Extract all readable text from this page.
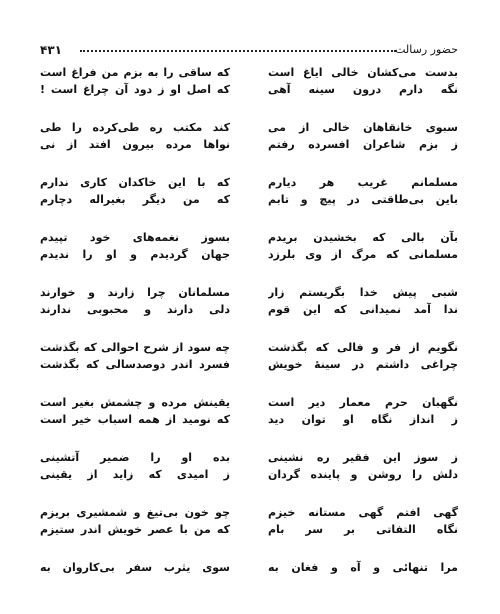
۴۳۱	حضور رسالت
بدست می‌کشان خالی ایاغ است
نگه دارم درون سینه آهی
که ساقی را به بزم من فراغ است
که اصل او ز دود آن چراغ است !
سبوی خانقاهان خالی از می
ز بزم شاعران افسرده رفتم
کند مکتب ره طی‌کرده را طی
نواها مرده بیرون افتد از نی
مسلمانم غریب هر دیارم
باین بی‌طاقتی در پیچ و تابم
که با این خاکدان کاری ندارم
که من دیگر بغیراله دچارم
بآن بالی که بخشیدن بریدم
مسلمانی که مرگ از وی بلرزد
بسوز نغمه‌های خود تپیدم
جهان گردیدم و او را ندیدم
شبی پیش خدا بگریستم زار
ندا آمد نمیدانی که این قوم
مسلمانان چرا زارند و خوارند
دلی دارند و محبوبی ندارند
نگویم از فر و فالی که بگذشت
چراغی داشتم در سینهٔ خویش
چه سود از شرح احوالی که بگذشت
فسرد اندر دوصدسالی که بگذشت
نگهبان حرم معمار دیر است
ز انداز نگاه او توان دید
یقینش مرده و چشمش بغیر است
که نومید از همه اسباب خیر است
ز سوز این فقیر ره نشینی
دلش را روشن و پاینده گردان
بده او را ضمیر آتشینی
ز امیدی که زاید از یقینی
گهی افتم گهی مستانه خیزم
نگاه التفاتی بر سر بام
چو خون بی‌تیغ و شمشیری بریزم
که من با عصر خویش اندر ستیزم
مرا تنهائی و آه و فغان به
سوی یثرب سفر بی‌کاروان به
